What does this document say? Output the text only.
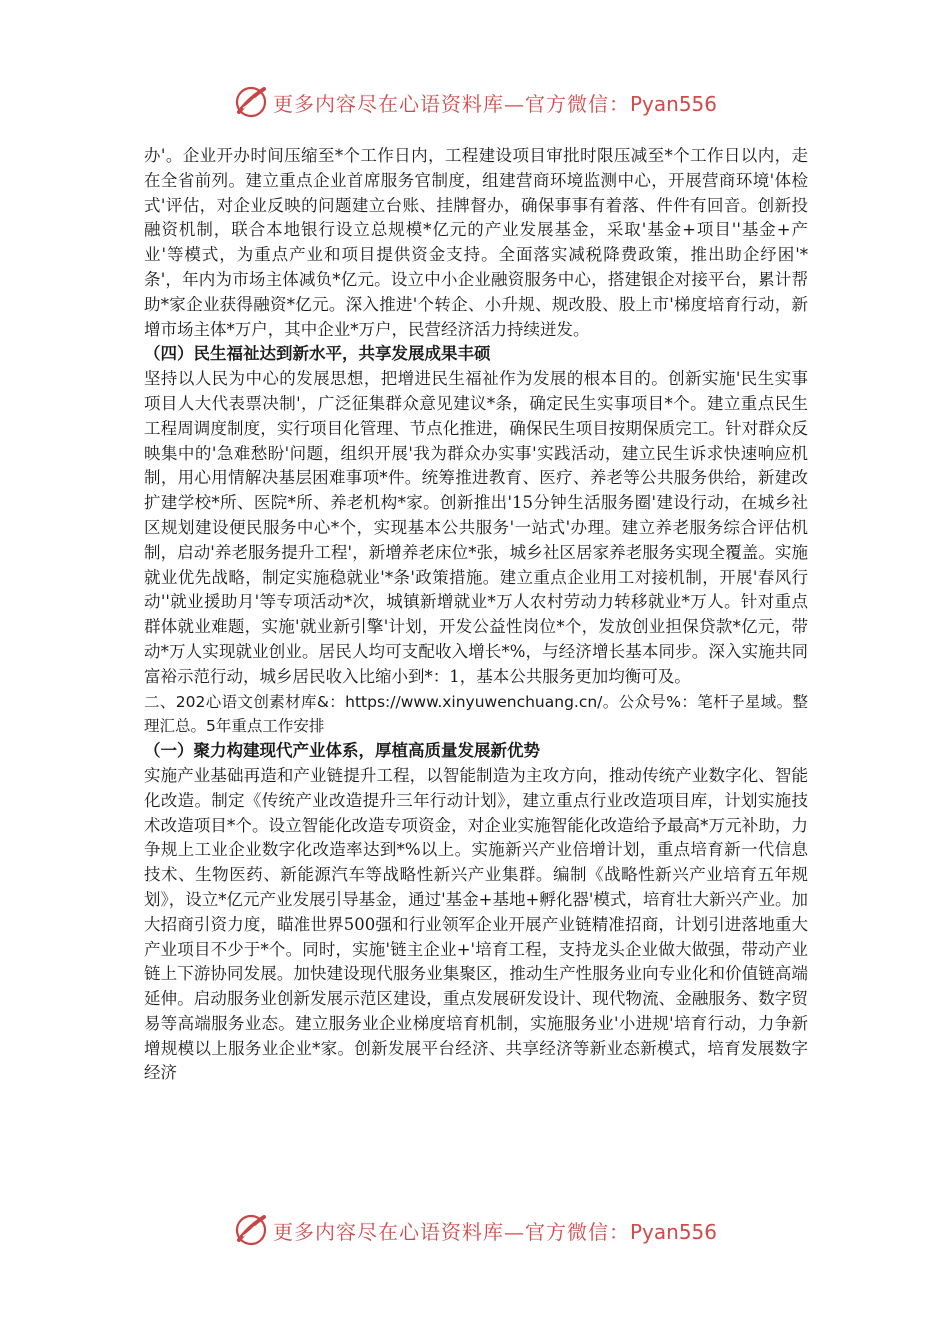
更多内容尽在心语资料库—官方微信：Pyan556

办'。企业开办时间压缩至*个工作日内，工程建设项目审批时限压减至*个工作日以内，走在全省前列。建立重点企业首席服务官制度，组建营商环境监测中心，开展营商环境'体检式'评估，对企业反映的问题建立台账、挂牌督办，确保事事有着落、件件有回音。创新投融资机制，联合本地银行设立总规模*亿元的产业发展基金，采取'基金+项目''基金+产业'等模式，为重点产业和项目提供资金支持。全面落实减税降费政策，推出助企纾困'*条'，年内为市场主体减负*亿元。设立中小企业融资服务中心，搭建银企对接平台，累计帮助*家企业获得融资*亿元。深入推进'个转企、小升规、规改股、股上市'梯度培育行动，新增市场主体*万户，其中企业*万户，民营经济活力持续迸发。

（四）民生福祉达到新水平，共享发展成果丰硕

坚持以人民为中心的发展思想，把增进民生福祉作为发展的根本目的。创新实施'民生实事项目人大代表票决制'，广泛征集群众意见建议*条，确定民生实事项目*个。建立重点民生工程周调度制度，实行项目化管理、节点化推进，确保民生项目按期保质完工。针对群众反映集中的'急难愁盼'问题，组织开展'我为群众办实事'实践活动，建立民生诉求快速响应机制，用心用情解决基层困难事项*件。统筹推进教育、医疗、养老等公共服务供给，新建改扩建学校*所、医院*所、养老机构*家。创新推出'15分钟生活服务圈'建设行动，在城乡社区规划建设便民服务中心*个，实现基本公共服务'一站式'办理。建立养老服务综合评估机制，启动'养老服务提升工程'，新增养老床位*张，城乡社区居家养老服务实现全覆盖。实施就业优先战略，制定实施稳就业'*条'政策措施。建立重点企业用工对接机制，开展'春风行动''就业援助月'等专项活动*次，城镇新增就业*万人农村劳动力转移就业*万人。针对重点群体就业难题，实施'就业新引擎'计划，开发公益性岗位*个，发放创业担保贷款*亿元，带动*万人实现就业创业。居民人均可支配收入增长*%，与经济增长基本同步。深入实施共同富裕示范行动，城乡居民收入比缩小到*：1，基本公共服务更加均衡可及。

二、202心语文创素材库&：https://www.xinyuwenchuang.cn/。公众号%：笔杆子星域。整理汇总。5年重点工作安排

（一）聚力构建现代产业体系，厚植高质量发展新优势

实施产业基础再造和产业链提升工程，以智能制造为主攻方向，推动传统产业数字化、智能化改造。制定《传统产业改造提升三年行动计划》，建立重点行业改造项目库，计划实施技术改造项目*个。设立智能化改造专项资金，对企业实施智能化改造给予最高*万元补助，力争规上工业企业数字化改造率达到*%以上。实施新兴产业倍增计划，重点培育新一代信息技术、生物医药、新能源汽车等战略性新兴产业集群。编制《战略性新兴产业培育五年规划》，设立*亿元产业发展引导基金，通过'基金+基地+孵化器'模式，培育壮大新兴产业。加大招商引资力度，瞄准世界500强和行业领军企业开展产业链精准招商，计划引进落地重大产业项目不少于*个。同时，实施'链主企业+'培育工程，支持龙头企业做大做强，带动产业链上下游协同发展。加快建设现代服务业集聚区，推动生产性服务业向专业化和价值链高端延伸。启动服务业创新发展示范区建设，重点发展研发设计、现代物流、金融服务、数字贸易等高端服务业态。建立服务业企业梯度培育机制，实施服务业'小进规'培育行动，力争新增规模以上服务业企业*家。创新发展平台经济、共享经济等新业态新模式，培育发展数字经济

更多内容尽在心语资料库—官方微信：Pyan556
